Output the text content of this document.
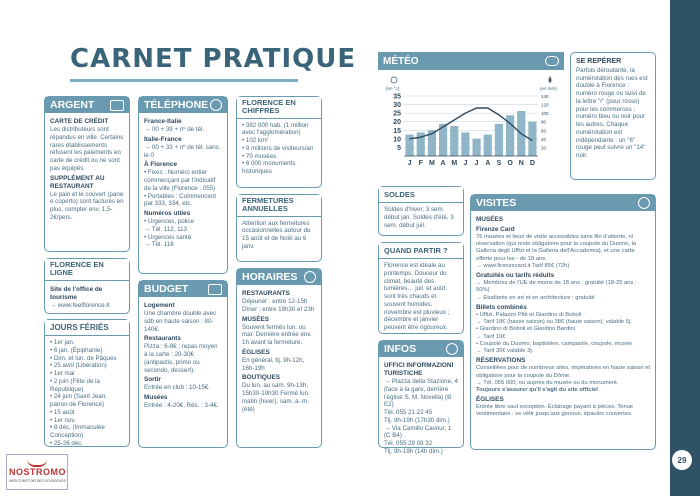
29
CARNET PRATIQUE
ARGENT
CARTE DE CRÉDIT
Les distributeurs sont répandus en ville. Certains rares établissements refusent les paiements en carte de crédit ou ne sont pas équipés.
SUPPLÉMENT AU RESTAURANT
Le pain et le couvert (pane e coperto) sont facturés en plus, compter env. 1,5-2€/pers.
FLORENCE EN LIGNE
Site de l'office de tourisme
→ www.feelflorence.it
JOURS FÉRIÉS
• 1er jan.
• 6 jan. (Épiphanie)
• Dim. et lun. de Pâques
• 25 avril (Libération)
• 1er mai
• 2 juin (Fête de la République)
• 24 juin (Saint Jean, patron de Florence)
• 15 août
• 1er nov.
• 8 déc. (Immaculée Conception)
• 25-26 déc.
TÉLÉPHONE
France-Italie
→ 00 + 39 + nº de tél.
Italie-France
→ 00 + 33 + nº de tél. sans le 0
À Florence
• Fixes : Numéro entier commençant par l'indicatif de la ville (Florence : 055)
• Portables : Commencent par 333, 334, etc.
Numéros utiles
• Urgences, police
→ Tél. 112, 113
• Urgences santé
→ Tél. 118
BUDGET
Logement
Une chambre double avec sdb en haute saison : 80-140€.
Restaurants
Pizza : 6-8€ ; repas moyen à la carte : 20-30€ (antipastis, primo ou secondo, dessert).
Sortir
Entrée en club : 10-15€.
Musées
Entrée : 4-20€. Rés. : 3-4€.
FLORENCE EN CHIFFRES
• 382 000 hab. (1 million avec l'agglomération)
• 102 km²
• 9 millions de visiteurs/an
• 70 musées
• 6 000 monuments historiques
FERMETURES ANNUELLES
Attention aux fermetures occasionnelles autour du 15 août et de Noël au 6 janv.
HORAIRES
RESTAURANTS
Déjeuner : entre 12-15h
Dîner : entre 19h30 et 23h
MUSÉES
Souvent fermés lun. ou mar. Dernière entrée env. 1h avant la fermeture.
ÉGLISES
En général, tlj. 9h-12h, 16h-19h
BOUTIQUES
Du lun. au sam. 9h-13h, 15h30-19h30 Fermé lun. matin (hiver), sam. a.-m. (été)
MÉTÉO
(en °c)	(en mm)
35	140
30	120
25	100
20	80
15	60
10	40
5	20
J F M A M J J A S O N D
SOLDES
Soldes d'hiver, 3 sem. début jan. Soldes d'été, 3 sem. début juil.
QUAND PARTIR ?
Florence est idéale au printemps. Douceur du climat, beauté des lumières… juil. et août sont très chauds et souvent humides, novembre est pluvieux ; décembre et janvier peuvent être rigoureux.
INFOS
UFFICI INFORMAZIONI TURISTICHE
→ Piazza della Stazione, 4 (face à la gare, derrière l'église S. M. Novella) (B E2)
Tél. 055 21 22 45
Tlj. 9h-19h (17h30 dim.)
→ Via Camillo Cavour, 1 (C B4)
Tél. 055 29 08 32
Tlj. 9h-19h (14h dim.)
SE REPÉRER
Parfois déroutante, la numérotation des rues est double à Florence : numéro rouge ou suivi de la lettre "r" (pour rosso) pour les commerces ; numéro bleu ou noir pour les autres. Chaque numérotation est indépendante : un "6" rouge peut suivre un "14" noir.
VISITES
MUSÉES
Firenze Card
76 musées et lieux de visite accessibles sans file d'attente, ni réservation (qui reste obligatoire pour la coupole du Duomo, la Galleria degli Uffizi et la Galleria dell'Accademia), et une carte offerte pour les - de 18 ans.
→ www.firenzecard.it Tarif 85€ (72h)
Gratuités ou tarifs réduits
→ Membres de l'UE de moins de 18 ans : gratuité (18-25 ans : 50%)
→ Étudiants en art et en architecture : gratuité
Billets combinés
• Uffizi, Palazzo Pitti et Giardino di Boboli
→ Tarif 18€ (basse saison) ou 38€ (haute saison), valable 5j.
• Giardino di Boboli et Giardino Bardini
→ Tarif 10€
• Coupole du Duomo, baptistère, campanile, coupole, musée
→ Tarif 30€ valable 3j.
RÉSERVATIONS
Conseillées pour de nombreux sites, impératives en haute saison et obligatoire pour la coupole du Dôme.
→ Tél. 055 000, ou auprès du musée ou du monument.
Toujours s'assurer qu'il s'agit du site officiel
ÉGLISES
Entrée libre sauf exception. Éclairage payant à pièces. Tenue vestimentaire : se vêtir jusqu'aux genoux, épaules couvertes.
NOSTROMO
WEB COMPTOIR DES VOYAGEURS
